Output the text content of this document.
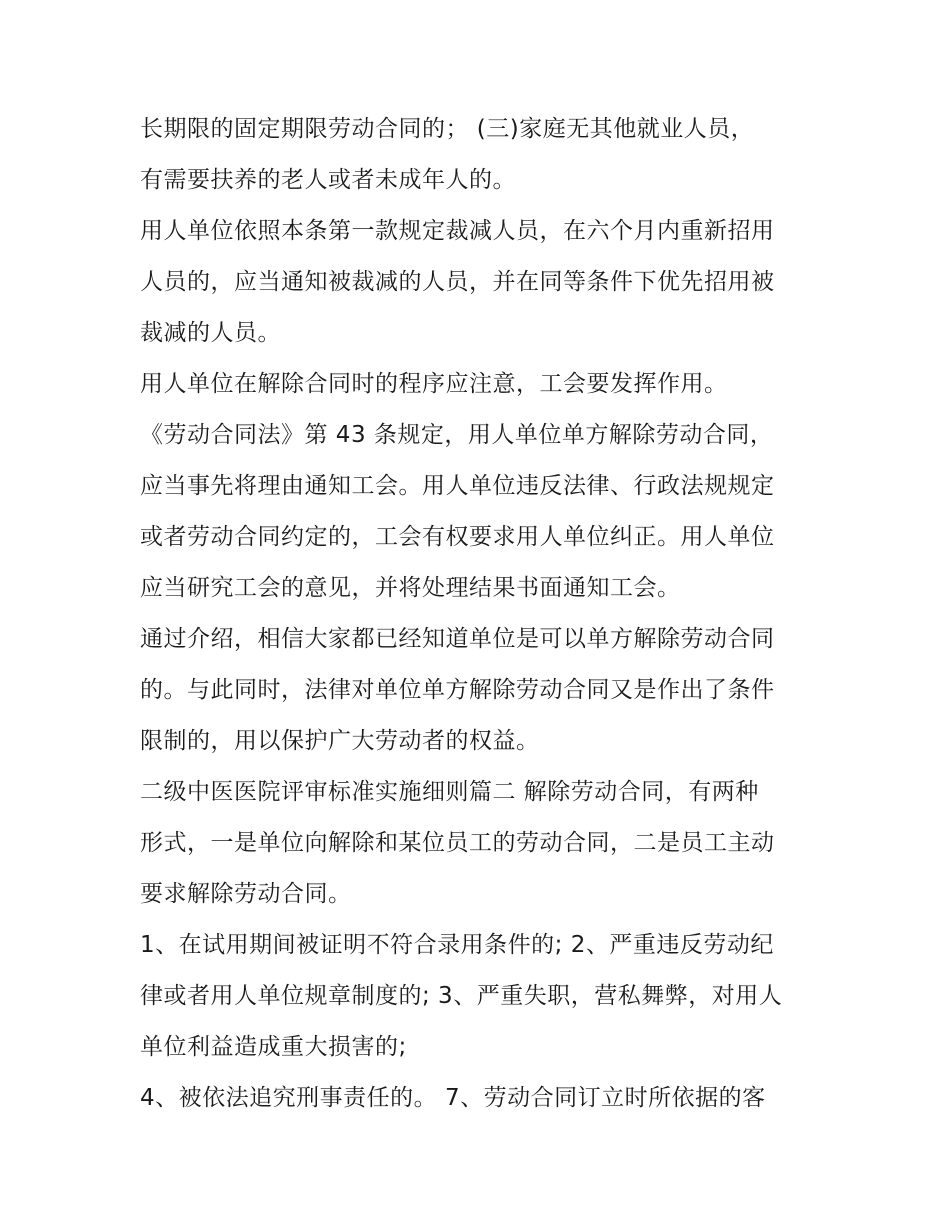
长期限的固定期限劳动合同的； (三)家庭无其他就业人员，
有需要扶养的老人或者未成年人的。
用人单位依照本条第一款规定裁减人员，在六个月内重新招用
人员的，应当通知被裁减的人员，并在同等条件下优先招用被
裁减的人员。
用人单位在解除合同时的程序应注意，工会要发挥作用。
《劳动合同法》第 43 条规定，用人单位单方解除劳动合同，
应当事先将理由通知工会。用人单位违反法律、行政法规规定
或者劳动合同约定的，工会有权要求用人单位纠正。用人单位
应当研究工会的意见，并将处理结果书面通知工会。
通过介绍，相信大家都已经知道单位是可以单方解除劳动合同
的。与此同时，法律对单位单方解除劳动合同又是作出了条件
限制的，用以保护广大劳动者的权益。
二级中医医院评审标准实施细则篇二 解除劳动合同，有两种
形式，一是单位向解除和某位员工的劳动合同，二是员工主动
要求解除劳动合同。
1、在试用期间被证明不符合录用条件的; 2、严重违反劳动纪
律或者用人单位规章制度的; 3、严重失职，营私舞弊，对用人
单位利益造成重大损害的;
4、被依法追究刑事责任的。 7、劳动合同订立时所依据的客
